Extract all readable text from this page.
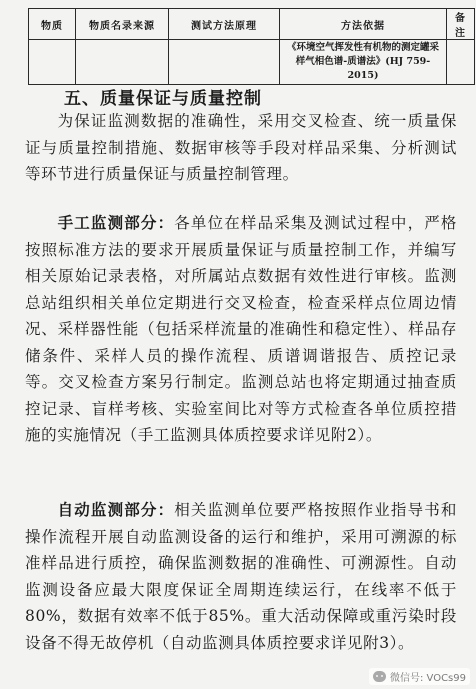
物质	物质名录来源	测试方法原理	方法依据	备注
			《环境空气挥发性有机物的测定罐采样气相色谱-质谱法》(HJ 759-2015)	
五、质量保证与质量控制

为保证监测数据的准确性，采用交叉检查、统一质量保证与质量控制措施、数据审核等手段对样品采集、分析测试等环节进行质量保证与质量控制管理。

手工监测部分：各单位在样品采集及测试过程中，严格按照标准方法的要求开展质量保证与质量控制工作，并编写相关原始记录表格，对所属站点数据有效性进行审核。监测总站组织相关单位定期进行交叉检查，检查采样点位周边情况、采样器性能（包括采样流量的准确性和稳定性）、样品存储条件、采样人员的操作流程、质谱调谐报告、质控记录等。交叉检查方案另行制定。监测总站也将定期通过抽查质控记录、盲样考核、实验室间比对等方式检查各单位质控措施的实施情况（手工监测具体质控要求详见附2）。

自动监测部分：相关监测单位要严格按照作业指导书和操作流程开展自动监测设备的运行和维护，采用可溯源的标准样品进行质控，确保监测数据的准确性、可溯源性。自动监测设备应最大限度保证全周期连续运行，在线率不低于80%，数据有效率不低于85%。重大活动保障或重污染时段设备不得无故停机（自动监测具体质控要求详见附3）。

微信号: VOCs99
